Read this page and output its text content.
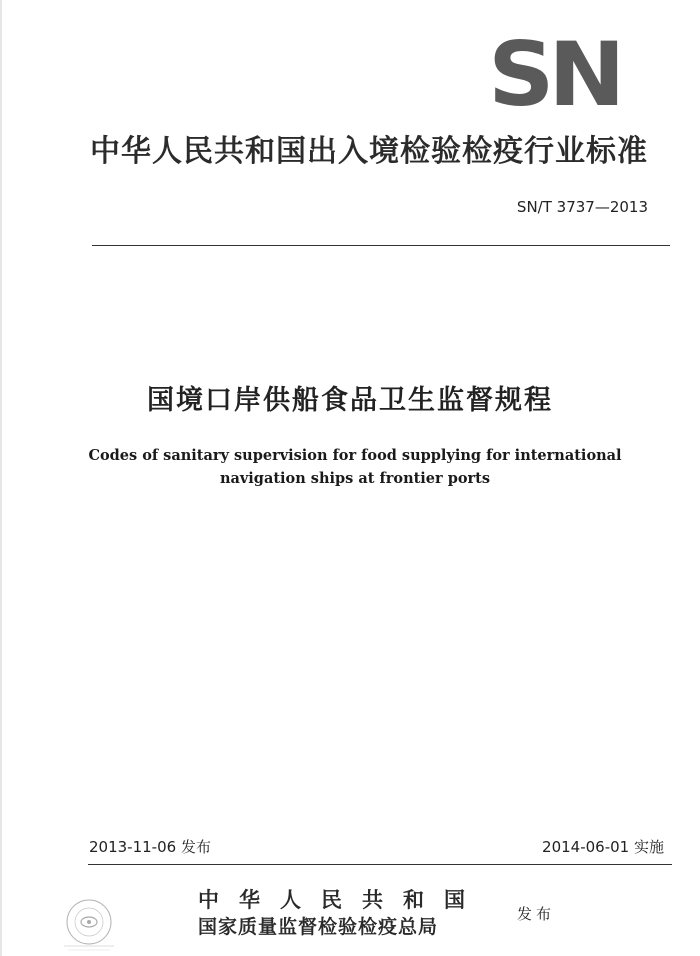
SN
中华人民共和国出入境检验检疫行业标准
SN/T 3737—2013
国境口岸供船食品卫生监督规程
Codes of sanitary supervision for food supplying for international
navigation ships at frontier ports
2013-11-06 发布	2014-06-01 实施
中华人民共和国
国家质量监督检验检疫总局
发布
